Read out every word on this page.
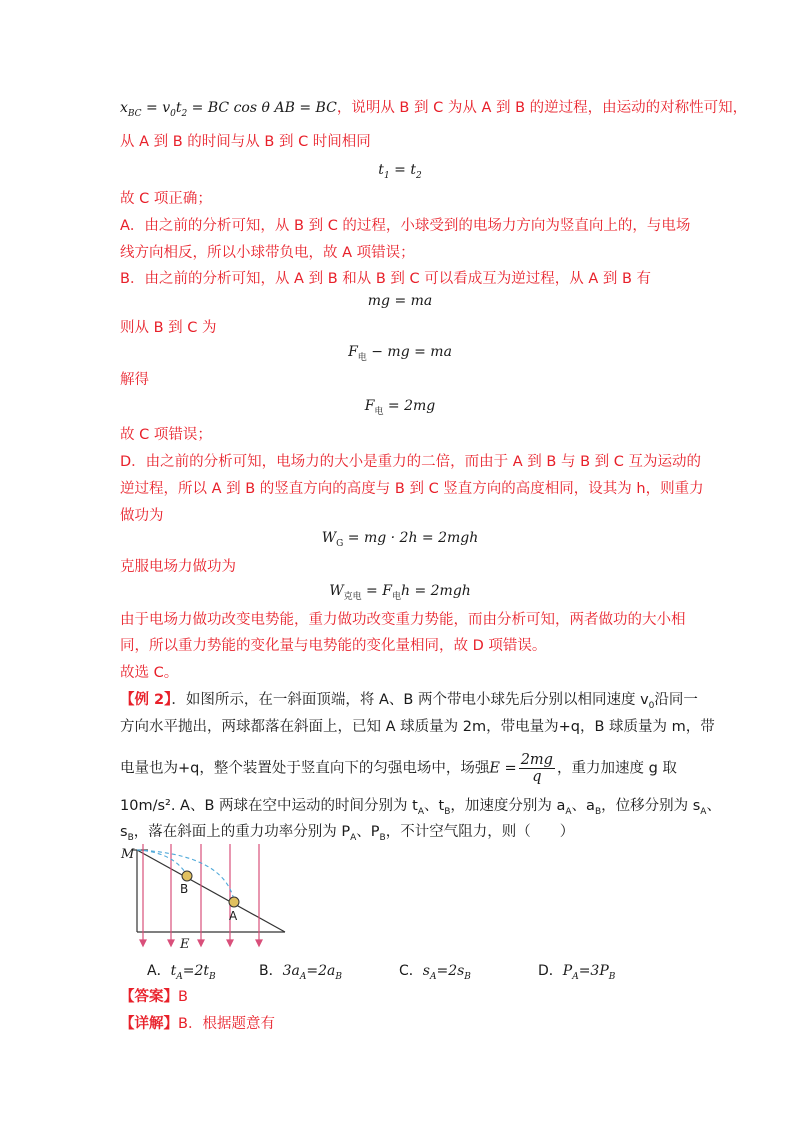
$x_{BC} = v_0t_2$ = BC cos θ AB = BC，说明从 B 到 C 为从 A 到 B 的逆过程，由运动的对称性可知，
从 A 到 B 的时间与从 B 到 C 时间相同
$t_1 = t_2$
故 C 项正确；
A．由之前的分析可知，从 B 到 C 的过程，小球受到的电场力方向为竖直向上的，与电场
线方向相反，所以小球带负电，故 A 项错误；
B．由之前的分析可知，从 A 到 B 和从 B 到 C 可以看成互为逆过程，从 A 到 B 有
mg = ma
则从 B 到 C 为
$F_电$ − mg = ma
解得
$F_电 = 2mg$
故 C 项错误；
D．由之前的分析可知，电场力的大小是重力的二倍，而由于 A 到 B 与 B 到 C 互为运动的
逆过程，所以 A 到 B 的竖直方向的高度与 B 到 C 竖直方向的高度相同，设其为 h，则重力
做功为
$W_G$ = mg · 2h = 2mgh
克服电场力做功为
$W_{克电} = F_电h = 2mgh$
由于电场力做功改变电势能，重力做功改变重力势能，而由分析可知，两者做功的大小相
同，所以重力势能的变化量与电势能的变化量相同，故 D 项错误。
故选 C。
【例 2】．如图所示，在一斜面顶端，将 A、B 两个带电小球先后分别以相同速度 $v_0$沿同一
方向水平抛出，两球都落在斜面上，已知 A 球质量为 2m，带电量为+q，B 球质量为 m，带
电量也为+q，整个装置处于竖直向下的匀强电场中，场强$E = \frac{2mg}{q}$ ，重力加速度 g 取
10m/s². A、B 两球在空中运动的时间分别为 $t_A$、$t_B$，加速度分别为 $a_A$、$a_B$，位移分别为 $s_A$、
$s_B$，落在斜面上的重力功率分别为 $P_A$、$P_B$，不计空气阻力，则（　　）
M
B
A
E
A．$t_A=2t_B$	B．$3a_A=2a_B$	C．$s_A=2s_B$	D．$P_A=3P_B$
【答案】B
【详解】B．根据题意有
